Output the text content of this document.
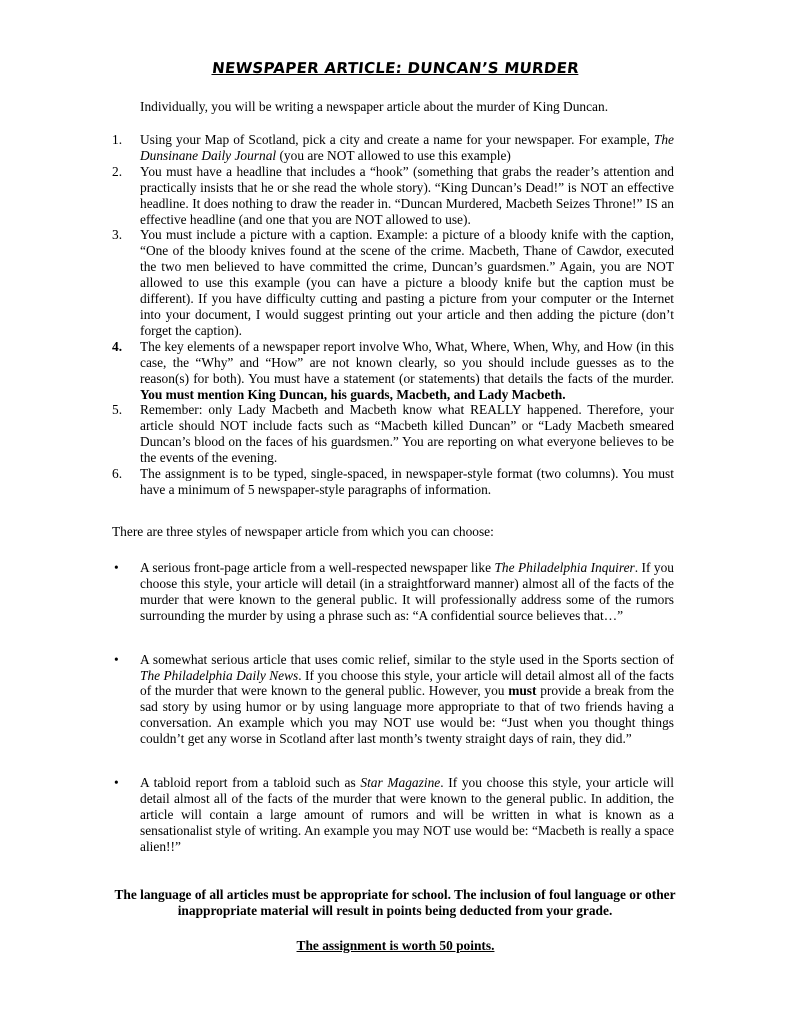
NEWSPAPER ARTICLE: DUNCAN’S MURDER
Individually, you will be writing a newspaper article about the murder of King Duncan.
1. Using your Map of Scotland, pick a city and create a name for your newspaper. For example, The Dunsinane Daily Journal (you are NOT allowed to use this example)
2. You must have a headline that includes a “hook” (something that grabs the reader’s attention and practically insists that he or she read the whole story). “King Duncan’s Dead!” is NOT an effective headline. It does nothing to draw the reader in. “Duncan Murdered, Macbeth Seizes Throne!” IS an effective headline (and one that you are NOT allowed to use).
3. You must include a picture with a caption. Example: a picture of a bloody knife with the caption, “One of the bloody knives found at the scene of the crime. Macbeth, Thane of Cawdor, executed the two men believed to have committed the crime, Duncan’s guardsmen.” Again, you are NOT allowed to use this example (you can have a picture a bloody knife but the caption must be different). If you have difficulty cutting and pasting a picture from your computer or the Internet into your document, I would suggest printing out your article and then adding the picture (don’t forget the caption).
4. The key elements of a newspaper report involve Who, What, Where, When, Why, and How (in this case, the “Why” and “How” are not known clearly, so you should include guesses as to the reason(s) for both). You must have a statement (or statements) that details the facts of the murder. You must mention King Duncan, his guards, Macbeth, and Lady Macbeth.
5. Remember: only Lady Macbeth and Macbeth know what REALLY happened. Therefore, your article should NOT include facts such as “Macbeth killed Duncan” or “Lady Macbeth smeared Duncan’s blood on the faces of his guardsmen.” You are reporting on what everyone believes to be the events of the evening.
6. The assignment is to be typed, single-spaced, in newspaper-style format (two columns). You must have a minimum of 5 newspaper-style paragraphs of information.
There are three styles of newspaper article from which you can choose:
• A serious front-page article from a well-respected newspaper like The Philadelphia Inquirer. If you choose this style, your article will detail (in a straightforward manner) almost all of the facts of the murder that were known to the general public. It will professionally address some of the rumors surrounding the murder by using a phrase such as: “A confidential source believes that…”
• A somewhat serious article that uses comic relief, similar to the style used in the Sports section of The Philadelphia Daily News. If you choose this style, your article will detail almost all of the facts of the murder that were known to the general public. However, you must provide a break from the sad story by using humor or by using language more appropriate to that of two friends having a conversation. An example which you may NOT use would be: “Just when you thought things couldn’t get any worse in Scotland after last month’s twenty straight days of rain, they did.”
• A tabloid report from a tabloid such as Star Magazine. If you choose this style, your article will detail almost all of the facts of the murder that were known to the general public. In addition, the article will contain a large amount of rumors and will be written in what is known as a sensationalist style of writing. An example you may NOT use would be: “Macbeth is really a space alien!!”
The language of all articles must be appropriate for school. The inclusion of foul language or other inappropriate material will result in points being deducted from your grade.
The assignment is worth 50 points.
